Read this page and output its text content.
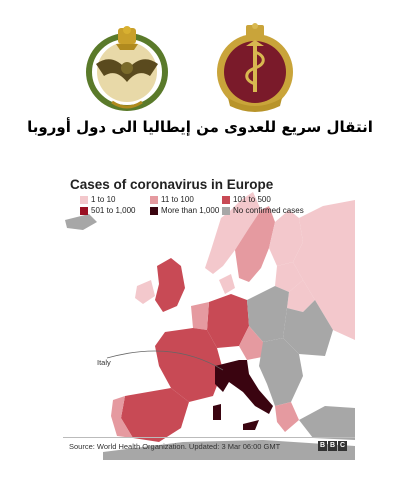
انتقال سريع للعدوى من إيطاليا الى دول أوروبا
Cases of coronavirus in Europe
1 to 10	11 to 100	101 to 500
501 to 1,000	More than 1,000 No confirmed cases
Italy
Source: World Health Organization. Updated: 3 Mar 06:00 GMT	B B C
